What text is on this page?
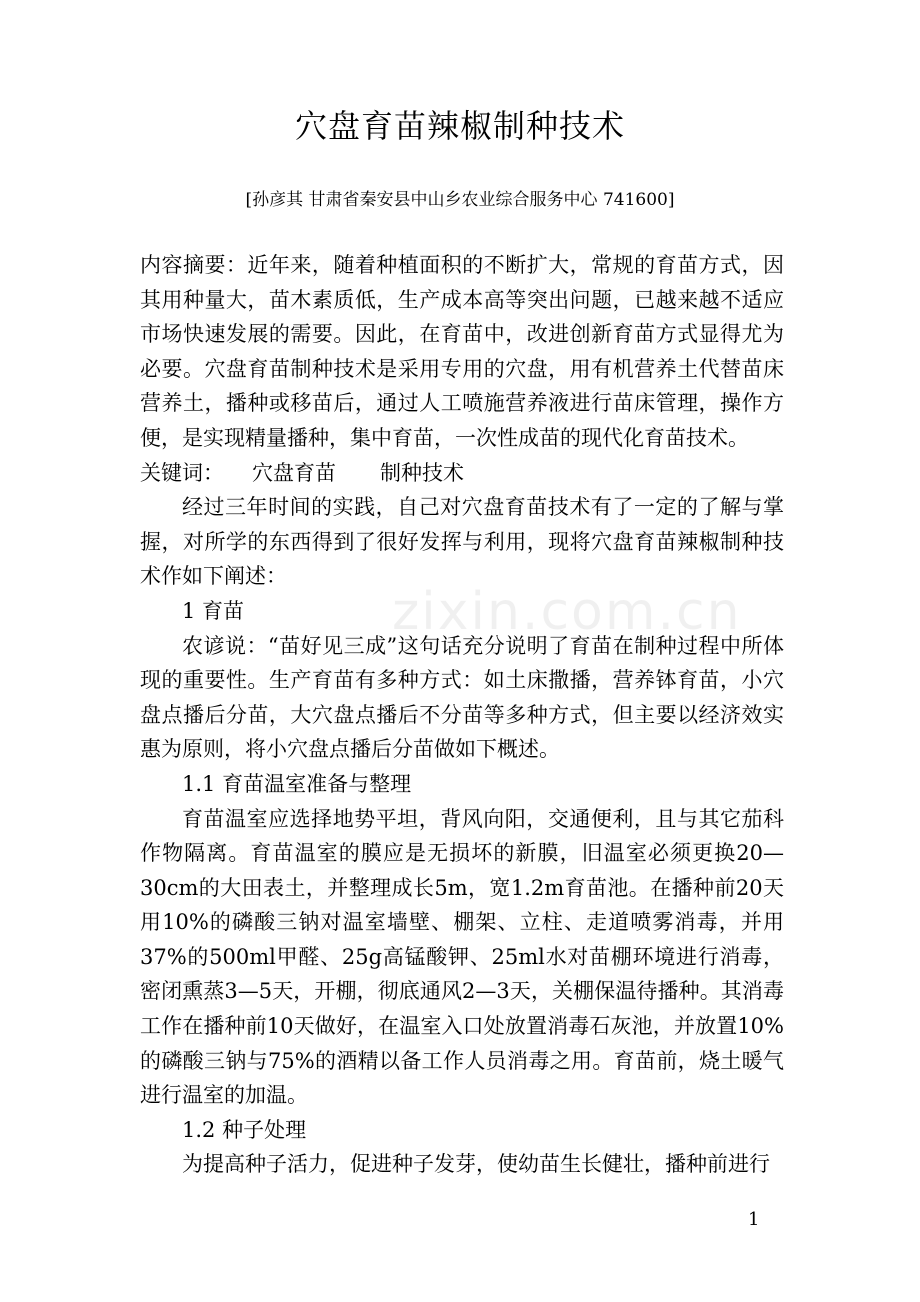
zixin.com.cn
穴盘育苗辣椒制种技术
[孙彦其 甘肃省秦安县中山乡农业综合服务中心 741600]

内容摘要：近年来，随着种植面积的不断扩大，常规的育苗方式，因其用种量大，苗木素质低，生产成本高等突出问题，已越来越不适应市场快速发展的需要。因此，在育苗中，改进创新育苗方式显得尤为必要。穴盘育苗制种技术是采用专用的穴盘，用有机营养土代替苗床营养土，播种或移苗后，通过人工喷施营养液进行苗床管理，操作方便，是实现精量播种，集中育苗，一次性成苗的现代化育苗技术。

关键词： 穴盘育苗 制种技术

经过三年时间的实践，自己对穴盘育苗技术有了一定的了解与掌握，对所学的东西得到了很好发挥与利用，现将穴盘育苗辣椒制种技术作如下阐述：

1 育苗

农谚说：“苗好见三成”这句话充分说明了育苗在制种过程中所体现的重要性。生产育苗有多种方式：如土床撒播，营养钵育苗，小穴盘点播后分苗，大穴盘点播后不分苗等多种方式，但主要以经济效实惠为原则，将小穴盘点播后分苗做如下概述。

1.1 育苗温室准备与整理

育苗温室应选择地势平坦，背风向阳，交通便利，且与其它茄科作物隔离。育苗温室的膜应是无损坏的新膜，旧温室必须更换20—30cm的大田表土，并整理成长5m，宽1.2m育苗池。在播种前20天用10%的磷酸三钠对温室墙壁、棚架、立柱、走道喷雾消毒，并用37%的500ml甲醛、25g高锰酸钾、25ml水对苗棚环境进行消毒，密闭熏蒸3—5天，开棚，彻底通风2—3天，关棚保温待播种。其消毒工作在播种前10天做好，在温室入口处放置消毒石灰池，并放置10%的磷酸三钠与75%的酒精以备工作人员消毒之用。育苗前，烧土暖气进行温室的加温。

1.2 种子处理

为提高种子活力，促进种子发芽，使幼苗生长健壮，播种前进行

1
